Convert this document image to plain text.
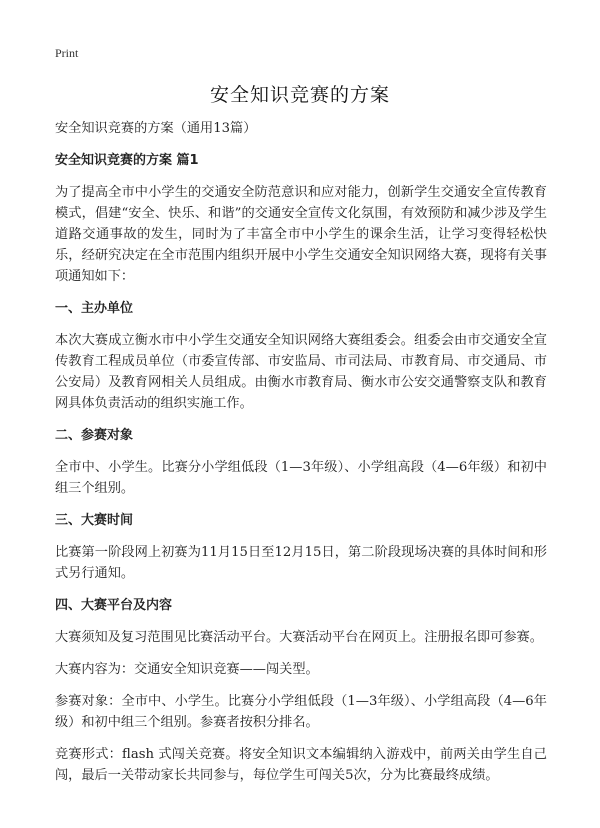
Print
安全知识竞赛的方案

安全知识竞赛的方案（通用13篇）

安全知识竞赛的方案 篇1

为了提高全市中小学生的交通安全防范意识和应对能力，创新学生交通安全宣传教育模式，倡建“安全、快乐、和谐”的交通安全宣传文化氛围，有效预防和减少涉及学生道路交通事故的发生，同时为了丰富全市中小学生的课余生活，让学习变得轻松快乐，经研究决定在全市范围内组织开展中小学生交通安全知识网络大赛，现将有关事项通知如下：

一、主办单位

本次大赛成立衡水市中小学生交通安全知识网络大赛组委会。组委会由市交通安全宣传教育工程成员单位（市委宣传部、市安监局、市司法局、市教育局、市交通局、市公安局）及教育网相关人员组成。由衡水市教育局、衡水市公安交通警察支队和教育网具体负责活动的组织实施工作。

二、参赛对象

全市中、小学生。比赛分小学组低段（1—3年级）、小学组高段（4—6年级）和初中组三个组别。

三、大赛时间

比赛第一阶段网上初赛为11月15日至12月15日，第二阶段现场决赛的具体时间和形式另行通知。

四、大赛平台及内容

大赛须知及复习范围见比赛活动平台。大赛活动平台在网页上。注册报名即可参赛。

大赛内容为：交通安全知识竞赛——闯关型。

参赛对象：全市中、小学生。比赛分小学组低段（1—3年级）、小学组高段（4—6年级）和初中组三个组别。参赛者按积分排名。

竞赛形式：flash 式闯关竞赛。将安全知识文本编辑纳入游戏中，前两关由学生自己闯，最后一关带动家长共同参与，每位学生可闯关5次，分为比赛最终成绩。
